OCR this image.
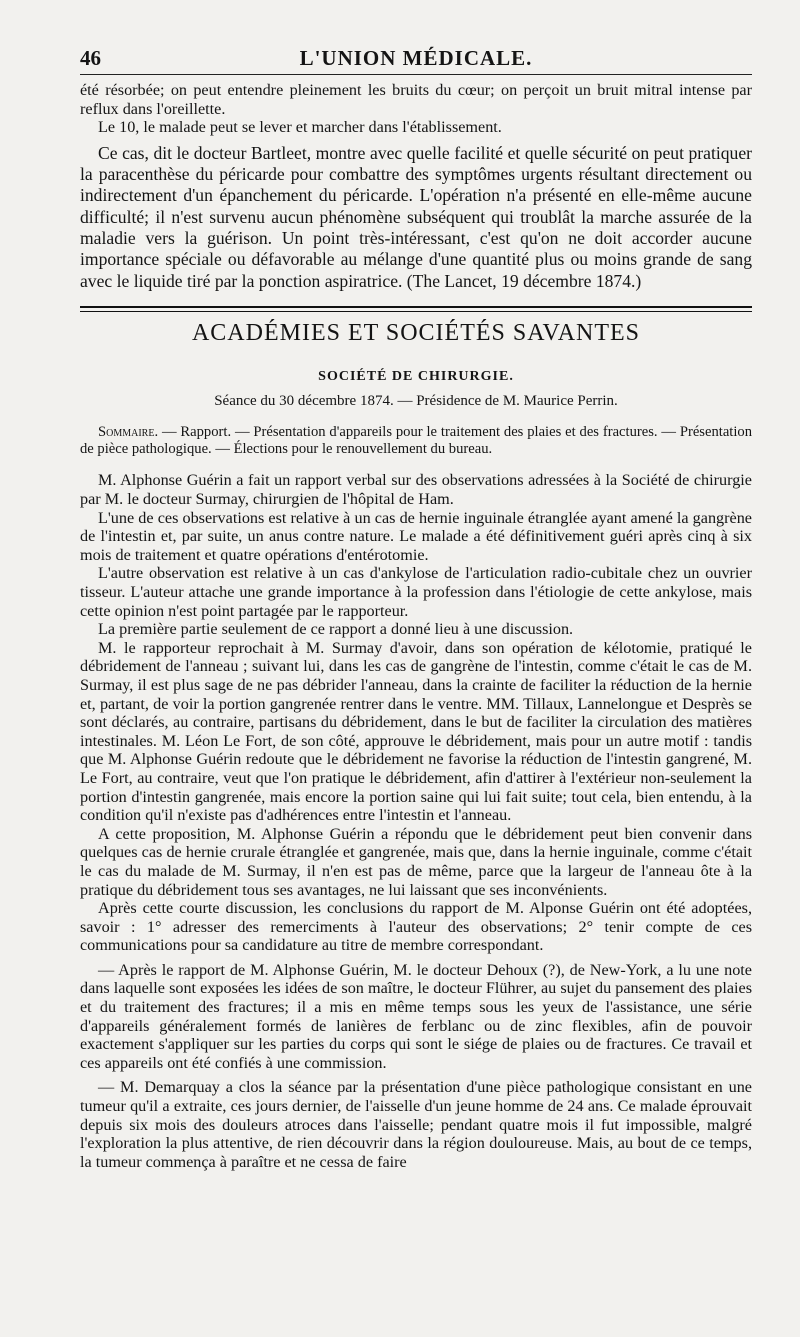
46	L'UNION MÉDICALE.

été résorbée; on peut entendre pleinement les bruits du cœur; on perçoit un bruit mitral intense par reflux dans l'oreillette.

Le 10, le malade peut se lever et marcher dans l'établissement.

Ce cas, dit le docteur Bartleet, montre avec quelle facilité et quelle sécurité on peut pratiquer la paracenthèse du péricarde pour combattre des symptômes urgents résultant directement ou indirectement d'un épanchement du péricarde. L'opération n'a présenté en elle-même aucune difficulté; il n'est survenu aucun phénomène subséquent qui troublât la marche assurée de la maladie vers la guérison. Un point très-intéressant, c'est qu'on ne doit accorder aucune importance spéciale ou défavorable au mélange d'une quantité plus ou moins grande de sang avec le liquide tiré par la ponction aspiratrice. (The Lancet, 19 décembre 1874.)

ACADÉMIES ET SOCIÉTÉS SAVANTES
SOCIÉTÉ DE CHIRURGIE.
Séance du 30 décembre 1874. — Présidence de M. Maurice Perrin.

Sommaire. — Rapport. — Présentation d'appareils pour le traitement des plaies et des fractures. — Présentation de pièce pathologique. — Élections pour le renouvellement du bureau.

M. Alphonse Guérin a fait un rapport verbal sur des observations adressées à la Société de chirurgie par M. le docteur Surmay, chirurgien de l'hôpital de Ham.

L'une de ces observations est relative à un cas de hernie inguinale étranglée ayant amené la gangrène de l'intestin et, par suite, un anus contre nature. Le malade a été définitivement guéri après cinq à six mois de traitement et quatre opérations d'entérotomie.

L'autre observation est relative à un cas d'ankylose de l'articulation radio-cubitale chez un ouvrier tisseur. L'auteur attache une grande importance à la profession dans l'étiologie de cette ankylose, mais cette opinion n'est point partagée par le rapporteur.

La première partie seulement de ce rapport a donné lieu à une discussion.

M. le rapporteur reprochait à M. Surmay d'avoir, dans son opération de kélotomie, pratiqué le débridement de l'anneau ; suivant lui, dans les cas de gangrène de l'intestin, comme c'était le cas de M. Surmay, il est plus sage de ne pas débrider l'anneau, dans la crainte de faciliter la réduction de la hernie et, partant, de voir la portion gangrenée rentrer dans le ventre. MM. Tillaux, Lannelongue et Desprès se sont déclarés, au contraire, partisans du débridement, dans le but de faciliter la circulation des matières intestinales. M. Léon Le Fort, de son côté, approuve le débridement, mais pour un autre motif : tandis que M. Alphonse Guérin redoute que le débridement ne favorise la réduction de l'intestin gangrené, M. Le Fort, au contraire, veut que l'on pratique le débridement, afin d'attirer à l'extérieur non-seulement la portion d'intestin gangrenée, mais encore la portion saine qui lui fait suite; tout cela, bien entendu, à la condition qu'il n'existe pas d'adhérences entre l'intestin et l'anneau.

A cette proposition, M. Alphonse Guérin a répondu que le débridement peut bien convenir dans quelques cas de hernie crurale étranglée et gangrenée, mais que, dans la hernie inguinale, comme c'était le cas du malade de M. Surmay, il n'en est pas de même, parce que la largeur de l'anneau ôte à la pratique du débridement tous ses avantages, ne lui laissant que ses inconvénients.

Après cette courte discussion, les conclusions du rapport de M. Alponse Guérin ont été adoptées, savoir : 1° adresser des remerciments à l'auteur des observations; 2° tenir compte de ces communications pour sa candidature au titre de membre correspondant.

— Après le rapport de M. Alphonse Guérin, M. le docteur Dehoux (?), de New-York, a lu une note dans laquelle sont exposées les idées de son maître, le docteur Flührer, au sujet du pansement des plaies et du traitement des fractures; il a mis en même temps sous les yeux de l'assistance, une série d'appareils généralement formés de lanières de ferblanc ou de zinc flexibles, afin de pouvoir exactement s'appliquer sur les parties du corps qui sont le siége de plaies ou de fractures. Ce travail et ces appareils ont été confiés à une commission.

— M. Demarquay a clos la séance par la présentation d'une pièce pathologique consistant en une tumeur qu'il a extraite, ces jours dernier, de l'aisselle d'un jeune homme de 24 ans. Ce malade éprouvait depuis six mois des douleurs atroces dans l'aisselle; pendant quatre mois il fut impossible, malgré l'exploration la plus attentive, de rien découvrir dans la région douloureuse. Mais, au bout de ce temps, la tumeur commença à paraître et ne cessa de faire
